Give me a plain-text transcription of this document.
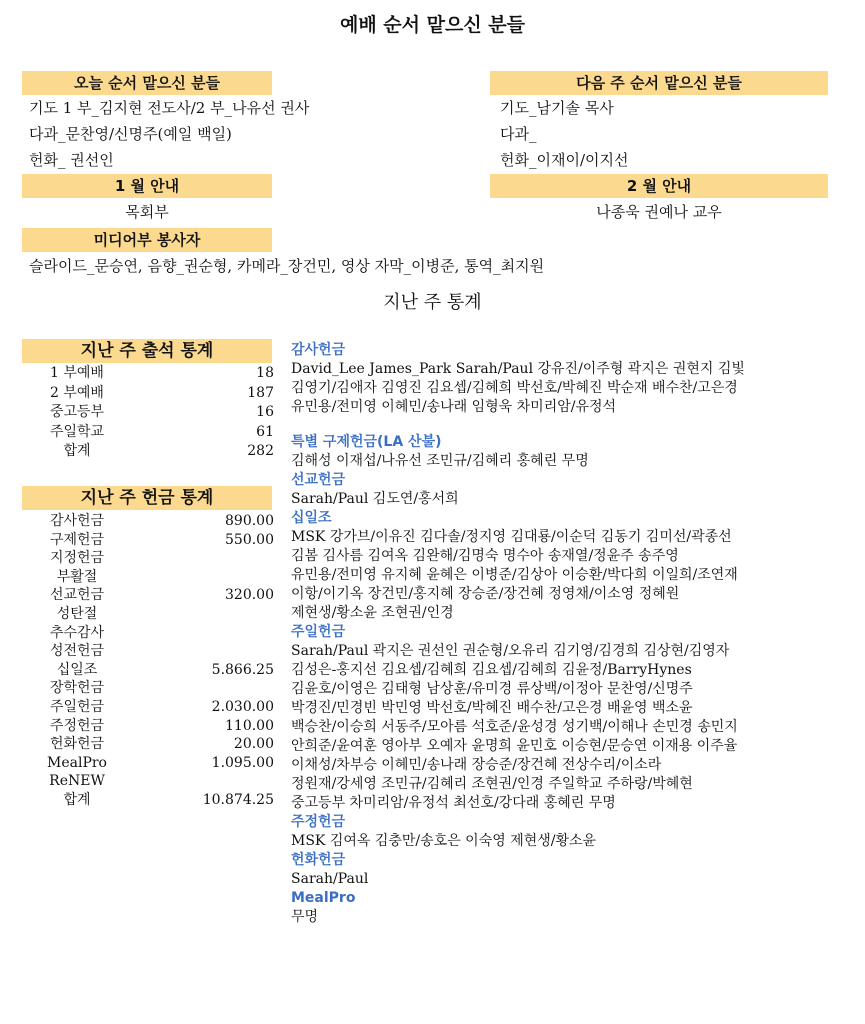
예배 순서 맡으신 분들
오늘 순서 맡으신 분들
기도 1 부_김지현 전도사/2 부_나유선 권사
다과_문찬영/신명주(예일 백일)
헌화_ 권선인
다음 주 순서 맡으신 분들
기도_남기솔 목사
다과_
헌화_이재이/이지선
1 월 안내
목회부
2 월 안내
나종욱 권예나 교우
미디어부 봉사자
슬라이드_문승연, 음향_권순형, 카메라_장건민, 영상 자막_이병준, 통역_최지원
지난 주 통계
지난 주 출석 통계
1 부예배	18
2 부예배	187
중고등부	16
주일학교	61
합계	282
지난 주 헌금 통계
감사헌금	890.00
구제헌금	550.00
지정헌금
부활절
선교헌금	320.00
성탄절
추수감사
성전헌금
십일조	5.866.25
장학헌금
주일헌금	2.030.00
주정헌금	110.00
헌화헌금	20.00
MealPro	1.095.00
ReNEW
합계	10.874.25
감사헌금
David_Lee James_Park Sarah/Paul 강유진/이주형 곽지은 권현지 김빛
김영기/김애자 김영진 김요셉/김혜희 박선호/박혜진 박순재 배수찬/고은경
유민용/전미영 이혜민/송나래 임형욱 차미리암/유정석
특별 구제헌금(LA 산불)
김해성 이재섭/나유선 조민규/김혜리 홍혜린 무명
선교헌금
Sarah/Paul 김도연/홍서희
십일조
MSK 강가브/이유진 김다솔/정지영 김대룡/이순덕 김동기 김미선/곽종선
김봄 김사름 김여옥 김완해/김명숙 명수아 송재열/정윤주 송주영
유민용/전미영 유지혜 윤혜은 이병준/김상아 이승환/박다희 이일희/조연재
이항/이기옥 장건민/홍지혜 장승준/장건혜 정영채/이소영 정혜원
제현생/황소윤 조현권/인경
주일헌금
Sarah/Paul 곽지은 권선인 권순형/오유리 김기영/김경희 김상현/김영자
김성은-홍지선 김요셉/김혜희 김요셉/김혜희 김윤정/BarryHynes
김윤호/이영은 김태형 남상훈/유미경 류상백/이정아 문찬영/신명주
박경진/민경빈 박민영 박선호/박혜진 배수찬/고은경 배윤영 백소윤
백승찬/이승희 서동주/모아름 석호준/윤성경 성기백/이해나 손민경 송민지
안희준/윤여훈 영아부 오예자 윤명희 윤민호 이승현/문승연 이재용 이주율
이채성/차부승 이혜민/송나래 장승준/장건혜 전상수리/이소라
정원재/강세영 조민규/김혜리 조현권/인경 주일학교 주하랑/박혜현
중고등부 차미리암/유정석 최선호/강다래 홍혜린 무명
주정헌금
MSK 김여옥 김충만/송호은 이숙영 제현생/황소윤
헌화헌금
Sarah/Paul
MealPro
무명
